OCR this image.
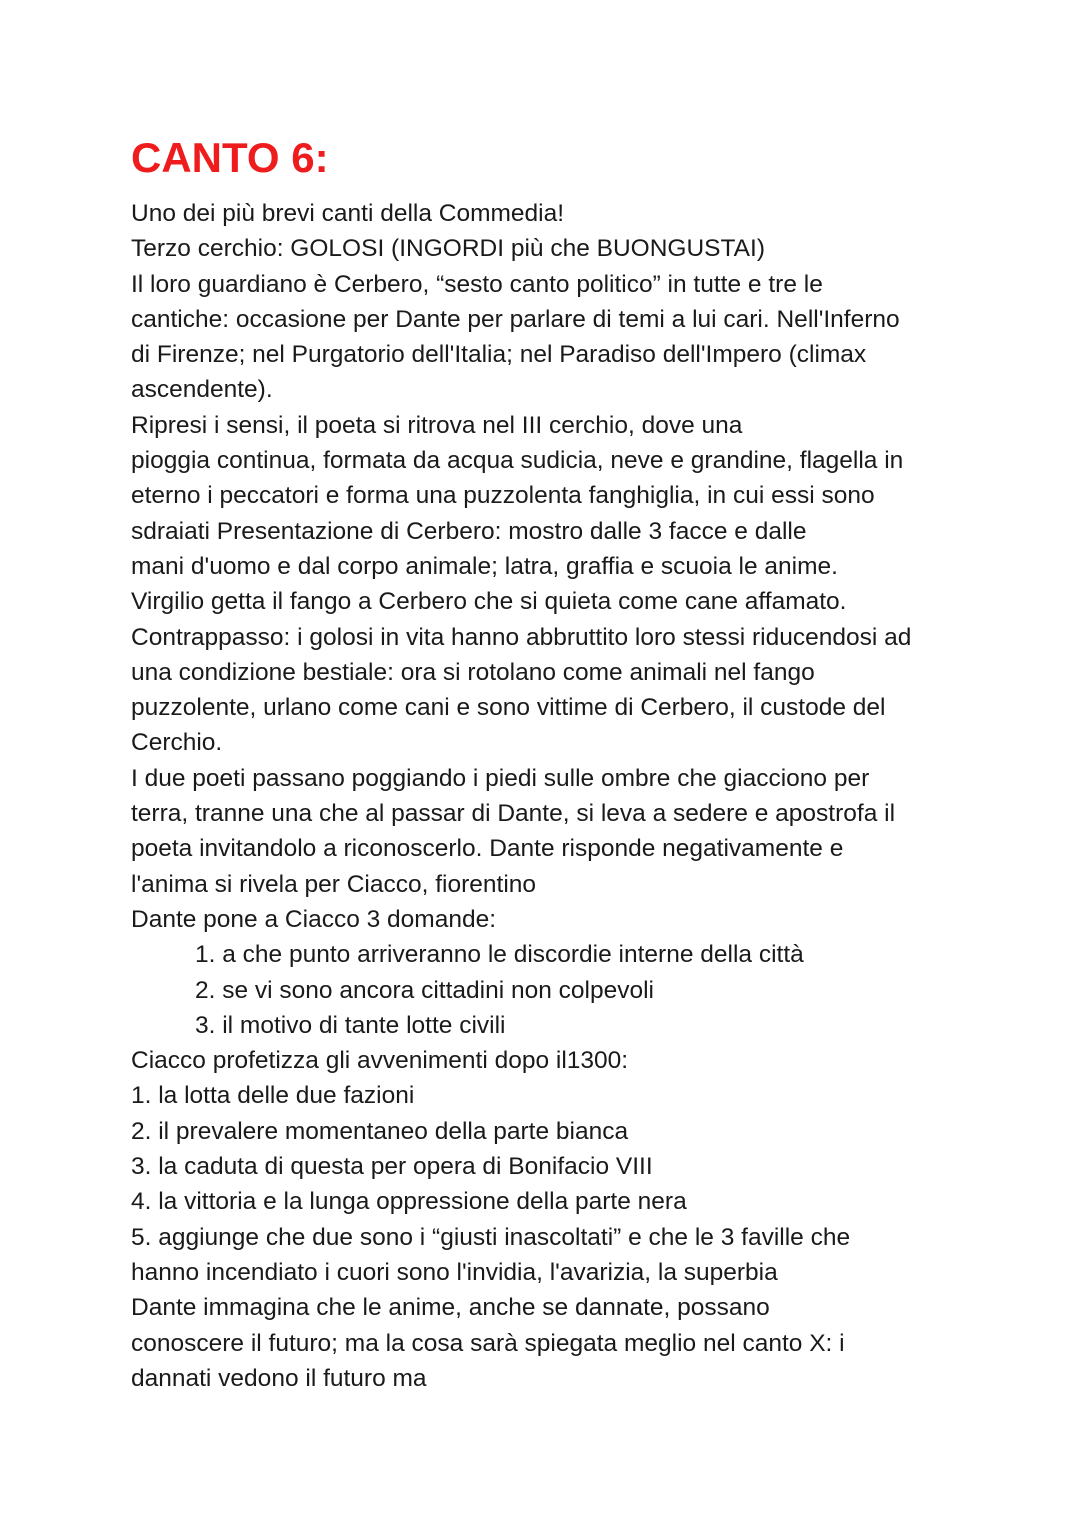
CANTO 6:
Uno dei più brevi canti della Commedia!
Terzo cerchio: GOLOSI (INGORDI più che BUONGUSTAI)
Il loro guardiano è Cerbero, “sesto canto politico” in tutte e tre le
cantiche: occasione per Dante per parlare di temi a lui cari. Nell'Inferno
di Firenze; nel Purgatorio dell'Italia; nel Paradiso dell'Impero (climax
ascendente).
Ripresi i sensi, il poeta si ritrova nel III cerchio, dove una
pioggia continua, formata da acqua sudicia, neve e grandine, flagella in
eterno i peccatori e forma una puzzolenta fanghiglia, in cui essi sono
sdraiati Presentazione di Cerbero: mostro dalle 3 facce e dalle
mani d'uomo e dal corpo animale; latra, graffia e scuoia le anime.
Virgilio getta il fango a Cerbero che si quieta come cane affamato.
Contrappasso: i golosi in vita hanno abbruttito loro stessi riducendosi ad
una condizione bestiale: ora si rotolano come animali nel fango
puzzolente, urlano come cani e sono vittime di Cerbero, il custode del
Cerchio.
I due poeti passano poggiando i piedi sulle ombre che giacciono per
terra, tranne una che al passar di Dante, si leva a sedere e apostrofa il
poeta invitandolo a riconoscerlo. Dante risponde negativamente e
l'anima si rivela per Ciacco, fiorentino
Dante pone a Ciacco 3 domande:
1. a che punto arriveranno le discordie interne della città
2. se vi sono ancora cittadini non colpevoli
3. il motivo di tante lotte civili
Ciacco profetizza gli avvenimenti dopo il1300:
1. la lotta delle due fazioni
2. il prevalere momentaneo della parte bianca
3. la caduta di questa per opera di Bonifacio VIII
4. la vittoria e la lunga oppressione della parte nera
5. aggiunge che due sono i “giusti inascoltati” e che le 3 faville che
hanno incendiato i cuori sono l'invidia, l'avarizia, la superbia
Dante immagina che le anime, anche se dannate, possano
conoscere il futuro; ma la cosa sarà spiegata meglio nel canto X: i
dannati vedono il futuro ma
